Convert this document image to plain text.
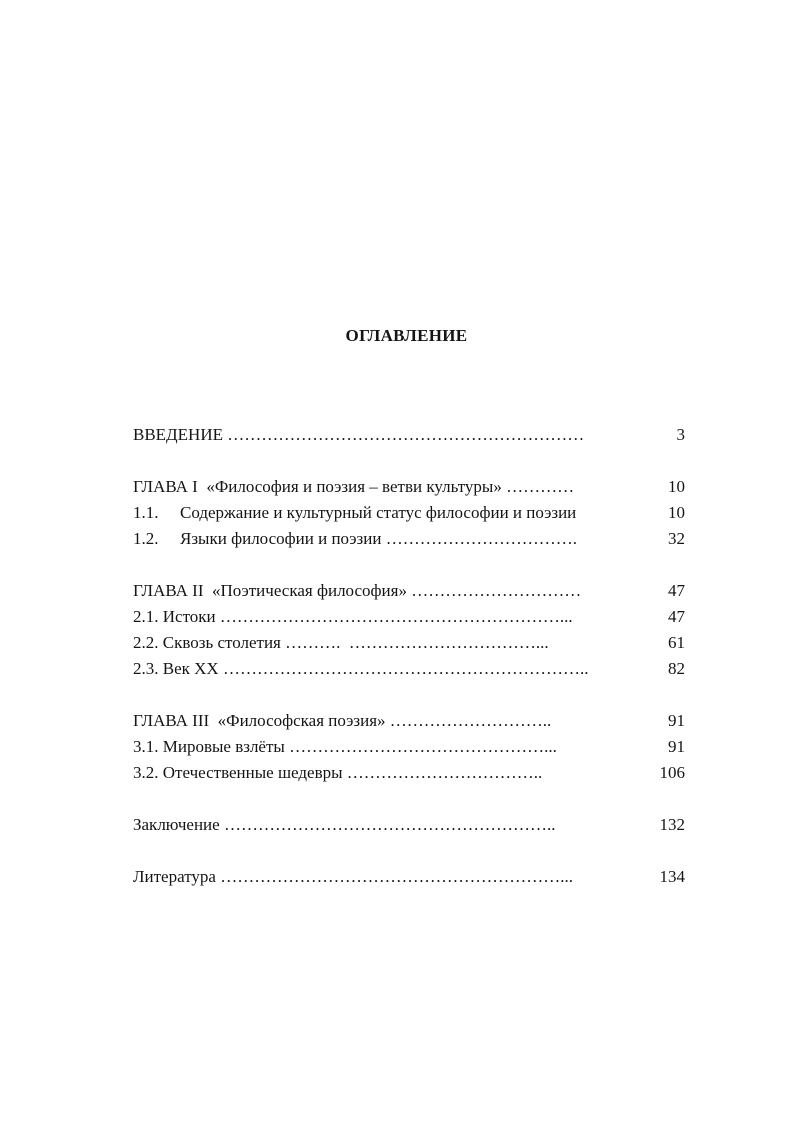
ОГЛАВЛЕНИЕ
ВВЕДЕНИЕ ………………………………………………………	3
ГЛАВА I  «Философия и поэзия – ветви культуры» …………	10
1.1. Содержание и культурный статус философии и поэзии	10
1.2. Языки философии и поэзии …………………………….	32
ГЛАВА II  «Поэтическая философия» …………………………	47
2.1. Истоки ……………………………………………………...	47
2.2. Сквозь столетия ……….  ……………………………...	61
2.3. Век XX ………………………………………………………..	82
ГЛАВА III  «Философская поэзия» ………………………..	91
3.1. Мировые взлёты ………………………………………...	91
3.2. Отечественные шедевры ……………………………..	106
Заключение …………………………………………………..	132
Литература ……………………………………………………...	134
